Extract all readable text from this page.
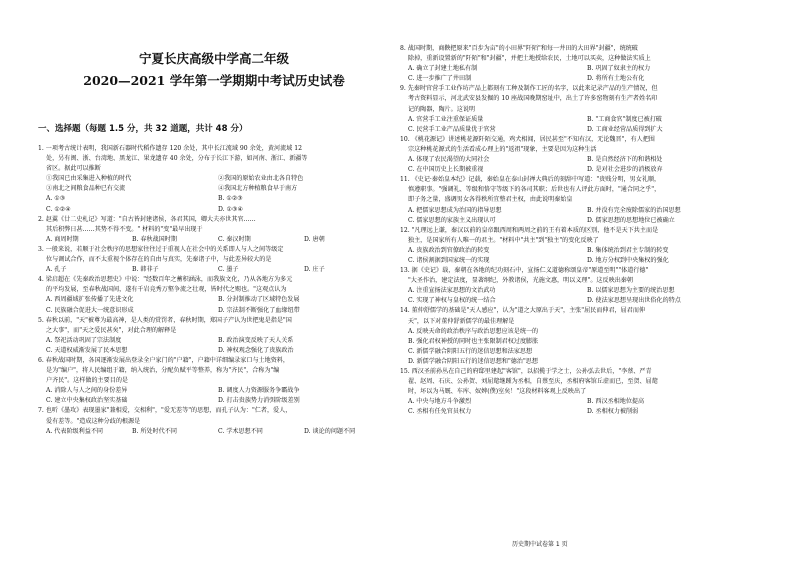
宁夏长庆高级中学高二年级
2020—2021 学年第一学期期中考试历史试卷
一、选择题（每题 1.5 分，共 32 道题，共计 48 分）
1. 一项考古统计表明，我国新石器时代稻作遗存 120 余处，其中长江流域 90 余处，黄河流域 12
处，另有闽、浙、台湾地、黑龙江、果龙遗存 40 余处，分布于长江下游，如河南、浙江、新疆等
省区。据此可以推断
①我国已由采集进入种植的时代	②我国的原始农业由北各自特色
③南北之间粮食品种已有交流	④我国北方种植粮食早于南方
A. ①③	B. ①②③
C. ①②④	D. ①③④
2. 赵翼《廿二史札记》写道："自古皆封建诸侯，各君其国，卿大夫亦世其官……
其后积弊日甚……其势不得不变。" 材料的"变"最早出现于
A. 商周时期	B. 春秋战国时期	C. 秦汉时期	D. 唐朝
3. 一般来说，若顺于社会秩序的思想家往往过于重视人在社会中的关系即人与人之间等级定
位与调试合作，而不太重视个体存在的自由与真实，先秦诸子中，与此差异较大的是
A. 孔子	B. 韩非子	C. 墨子	D. 庄子
4. 梁启超在《先秦政治思想史》中说："经数百年之蓄积涵泳，而我族文化，乃从各地方为多元
的平均发展，至春秋战国间，遂有千岩竞秀万壑争流之壮观，皆时代之赐也。"这观点认为
A. 西周疆域扩张传播了先进文化	B. 分封制推动了区域特色发展
C. 民族融合促进大一统意识形成	D. 宗法制不断强化了血缘纽带
5. 春秋以前，"天"被尊为最高神，是人类的赏罚者，春秋时期，郑国子产认为世把鬼是指是"国
之大事"，而"天之爱民甚矣"，对此合理的解释是
A. 祭祀活动巩固了宗法制度	B. 政治演变反映了天人关系
C. 天道权威渐发展了民本思想	D. 神权观念强化了贵族政治
6. 春秋战国时期，各国逐渐发展出登录全户家门的"户籍"，户籍中详细编录家口与土地资料，
是为"编户"，将人民编组于籍，纳入统治，分配负赋平等整养，称为"齐民"，合称为"编
户齐民"。这样做的主要目的是
A. 消除人与人之间的身份差异	B. 调度人力资源服务争霸战争
C. 建立中央集权政治坚实基础	D. 打击贵族势力消弭阶级差别
7. 也听《墨攻》表现墨家"兼相爱，交相利"，"爱无差等"的思想，而孔子认为："仁者，爱人，
爱有差等。"造成这种分歧的根源是
A. 代表阶级利益不同	B. 所处时代不同	C. 学术思想不同	D. 谈论的问题不同
8. 战国时期，商鞅把原来"百步为亩"的小田界"阡陌"和每一井田的大田界"封疆"，统统破
除掉，重新设置新的"阡陌"和"封疆"，并把土地授给农民，土地可以买卖，这种做法实质上
A. 确立了封建土地私有制	B. 巩固了奴隶主的权力
C. 进一步推广了井田制	D. 将所有土地公有化
9. 先秦时官营手工业作坊产品上都刻有工种及制作工匠的名字，以此来记录产品的生产情况，但
考古资料显示，河北武安县发掘的 10 座战国晚期窑址中，出土了许多窑物刻有生产者姓名印
记的陶器，陶片。这说明
A. 官营手工业注重保证质量	B. "工商食官"制度已被打破
C. 民营手工业产品质量优于官营	D. 工商业经营品质得到扩大
10. 《桃花源记》讲述桃花源阡陌交通，鸡犬相闻，居民甚至"不知有汉，无论魏晋"，有人把围
宗这种桃花源式的生活看成心理上的"返祖"现象，主要是因为这种生活
A. 体现了农民渴望的大同社会	B. 是自然经济下的和谐相处
C. 在中国历史上长期被重视	D. 是对社会进步的消极放弃
11. 《史记·秦始皇本纪》记载，秦始皇在泰山封禅大典后的刻辞中写道："贵贱分明，男女礼顺，
慎遵职事。"强调礼、等级和恪守等级下的各司其职；后世也有人评此方面时，"通合同之乎"，
即子务之量，盛调男女各得秩所宜整君主权，由此说明秦始皇
A. 把儒家思想成为治国的指导思想	B. 并没有完全废除儒家的治国思想
C. 儒家思想的家族主义出现认可	D. 儒家思想的思想地位已被确立
12. "凡理远上谦，秦汉以前的皇帝跟西周和两周之前的王有着本质的区别，他不是天下共主而是
独主，是国家所有人唯一的君主。"材料中"共主"到"独主"的变化反映了
A. 贵族政治到官僚政治的转变	B. 集体统治到君主专制的转变
C. 诸侯割据到国家统一的实现	D. 地方分权到中央集权的强化
13. 据《史记》载，秦朝在各地的纪功刻石中，宣扬仁义道德称颂皇帝"原道至明""体道行德"
"大圣作治，建定法度，显著纲纪，外教诸侯，光施文惠，明以义理"。这反映出秦朝
A. 注重宣扬法家思想的文治武功	B. 以儒家思想为主要的统治思想
C. 实现了神权与皇权的统一结合	D. 使法家思想呈现出世俗化的特点
14. 董仲舒儒学的基础是"天人感应"，认为"道之大原出于天"，主张"屈民而伸君，屈君而伸
天"，以下对董仲舒新儒学的最佳理解是
A. 反映天命的政治秩序与政治思想应该是统一的
B. 强化君权神授的同时也主张限制君权过度膨胀
C. 新儒学融合阴阳五行的迷信思想和法家思想
D. 新儒学融合阴阳五行的迷信思想和"德治"思想
15. 西汉圣前孙丛在自己的府邸里建起"客馆"，以招揽于学之士，公孙弘去世后，"李蔡、严青
翟、赵周、石庆、公孙贺、刘屈氂继踵为丞相，自蔡至庆，丞相府客馆丘虚而已，至贺、屈氂
时，坏以为马厩、车库、奴婢(僕)室矣！"这段材料客观上反映出了
A. 中央与地方斗争激烈	B. 西汉丞相地位提高
C. 丞相有任免官员权力	D. 丞相权力被削弱
历史期中试卷第 1 页
